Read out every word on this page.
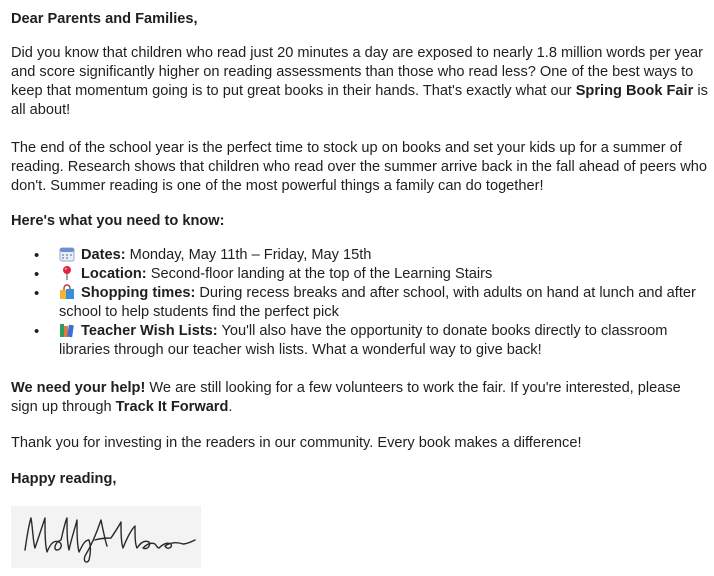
Dear Parents and Families,

Did you know that children who read just 20 minutes a day are exposed to nearly 1.8 million words per year and score significantly higher on reading assessments than those who read less? One of the best ways to keep that momentum going is to put great books in their hands. That's exactly what our Spring Book Fair is all about!

The end of the school year is the perfect time to stock up on books and set your kids up for a summer of reading. Research shows that children who read over the summer arrive back in the fall ahead of peers who don't. Summer reading is one of the most powerful things a family can do together!

Here's what you need to know:

• Dates: Monday, May 11th – Friday, May 15th
• Location: Second-floor landing at the top of the Learning Stairs
• Shopping times: During recess breaks and after school, with adults on hand at lunch and after school to help students find the perfect pick
• Teacher Wish Lists: You'll also have the opportunity to donate books directly to classroom libraries through our teacher wish lists. What a wonderful way to give back!

We need your help! We are still looking for a few volunteers to work the fair. If you're interested, please sign up through Track It Forward.

Thank you for investing in the readers in our community. Every book makes a difference!

Happy reading,
